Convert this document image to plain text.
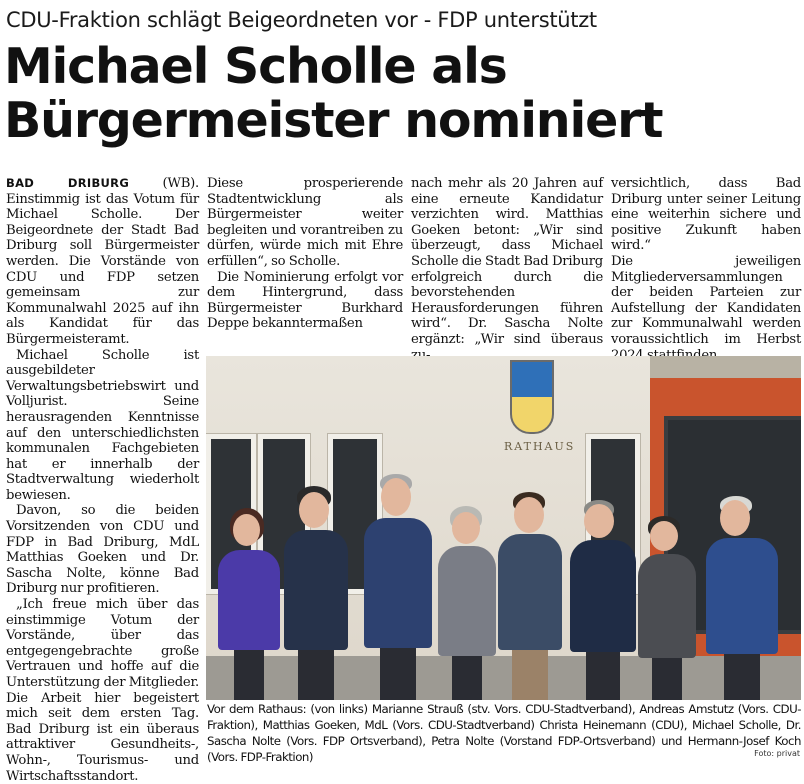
CDU-Fraktion schlägt Beigeordneten vor - FDP unterstützt
Michael Scholle als Bürgermeister nominiert

BAD DRIBURG	(WB). Einstimmig ist das Votum für Michael Scholle. Der Beigeordnete der Stadt Bad Driburg soll Bürgermeister werden. Die Vorstände von CDU und FDP setzen gemeinsam zur Kommunalwahl 2025 auf ihn als Kandidat für das Bürgermeisteramt.

Michael Scholle ist ausgebildeter Verwaltungsbetriebswirt und Volljurist. Seine herausragenden Kenntnisse auf den unterschiedlichsten kommunalen Fachgebieten hat er innerhalb der Stadtverwaltung wiederholt bewiesen.

Davon, so die beiden Vorsitzenden von CDU und FDP in Bad Driburg, MdL Matthias Goeken und Dr. Sascha Nolte, könne Bad Driburg nur profitieren.

„Ich freue mich über das einstimmige Votum der Vorstände, über das entgegengebrachte große Vertrauen und hoffe auf die Unterstützung der Mitglieder. Die Arbeit hier begeistert mich seit dem ersten Tag. Bad Driburg ist ein überaus attraktiver Gesundheits-, Wohn-, Tourismus- und Wirtschaftsstandort.

Diese prosperierende Stadtentwicklung als Bürgermeister weiter begleiten und vorantreiben zu dürfen, würde mich mit Ehre erfüllen“, so Scholle.

Die Nominierung erfolgt vor dem Hintergrund, dass Bürgermeister Burkhard Deppe bekanntermaßen

nach mehr als 20 Jahren auf eine erneute Kandidatur verzichten wird. Matthias Goeken betont: „Wir sind überzeugt, dass Michael Scholle die Stadt Bad Driburg erfolgreich durch die bevorstehenden Herausforderungen führen wird“. Dr. Sascha Nolte ergänzt: „Wir sind überaus

versichtlich, dass Bad Driburg unter seiner Leitung eine weiterhin sichere und positive Zukunft haben wird.“

Die jeweiligen Mitgliederversammlungen der beiden Parteien zur Aufstellung der Kandidaten zur Kommunalwahl werden voraussichtlich im Herbst

RATHAUS
Vor dem Rathaus: (von links) Marianne Strauß (stv. Vors. CDU-Stadtverband), Andreas Amstutz (Vors. CDU-Fraktion), Matthias Goeken, MdL (Vors. CDU-Stadtverband) Christa Heinemann (CDU), Michael Scholle, Dr. Sascha Nolte (Vors. FDP Ortsverband), Petra Nolte (Vorstand FDP-Ortsverband) und Hermann-Josef Koch (Vors. FDP-Fraktion)	Foto: privat
